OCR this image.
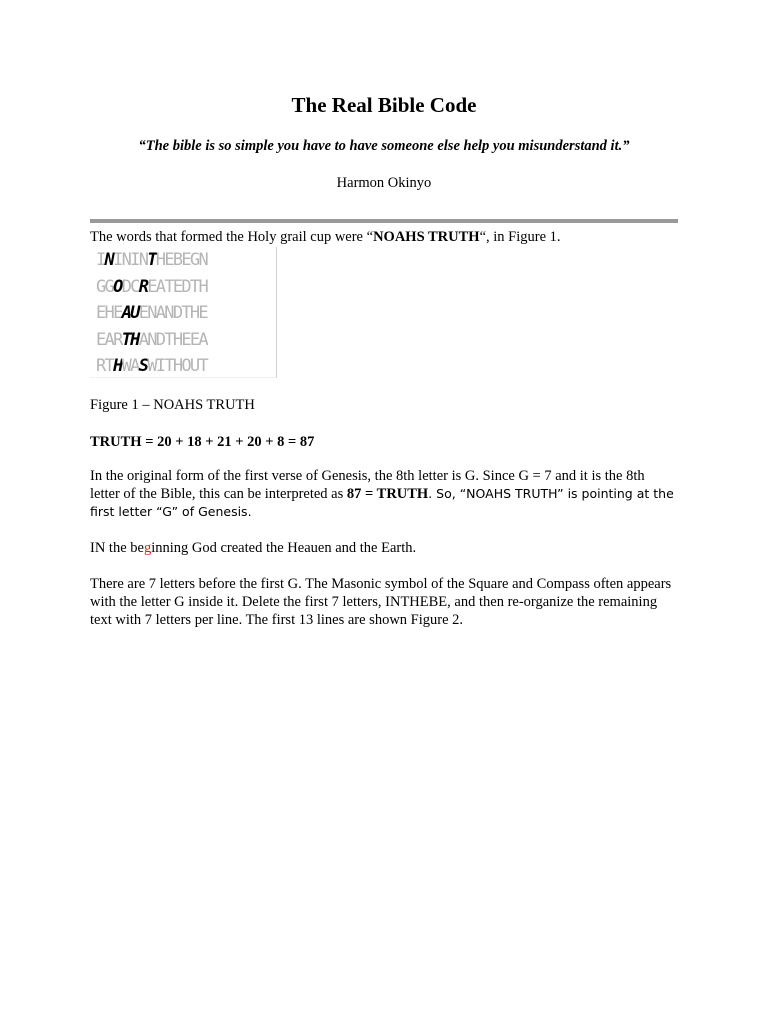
The Real Bible Code
“The bible is so simple you have to have someone else help you misunderstand it.”
Harmon Okinyo
The words that formed the Holy grail cup were “NOAHS TRUTH“, in Figure 1.
INININTHEBEGN
GGODCREATEDTH
EHEAUENANDTHE
EARTHANDTHEEA
RTHWASWITHOUT
Figure 1 – NOAHS TRUTH
TRUTH = 20 + 18 + 21 + 20 + 8 = 87
In the original form of the first verse of Genesis, the 8th letter is G. Since G = 7 and it is the 8th letter of the Bible, this can be interpreted as 87 = TRUTH. So, “NOAHS TRUTH” is pointing at the first letter “G” of Genesis.
IN the beginning God created the Heauen and the Earth.
There are 7 letters before the first G. The Masonic symbol of the Square and Compass often appears with the letter G inside it. Delete the first 7 letters, INTHEBE, and then re-organize the remaining text with 7 letters per line. The first 13 lines are shown Figure 2.
